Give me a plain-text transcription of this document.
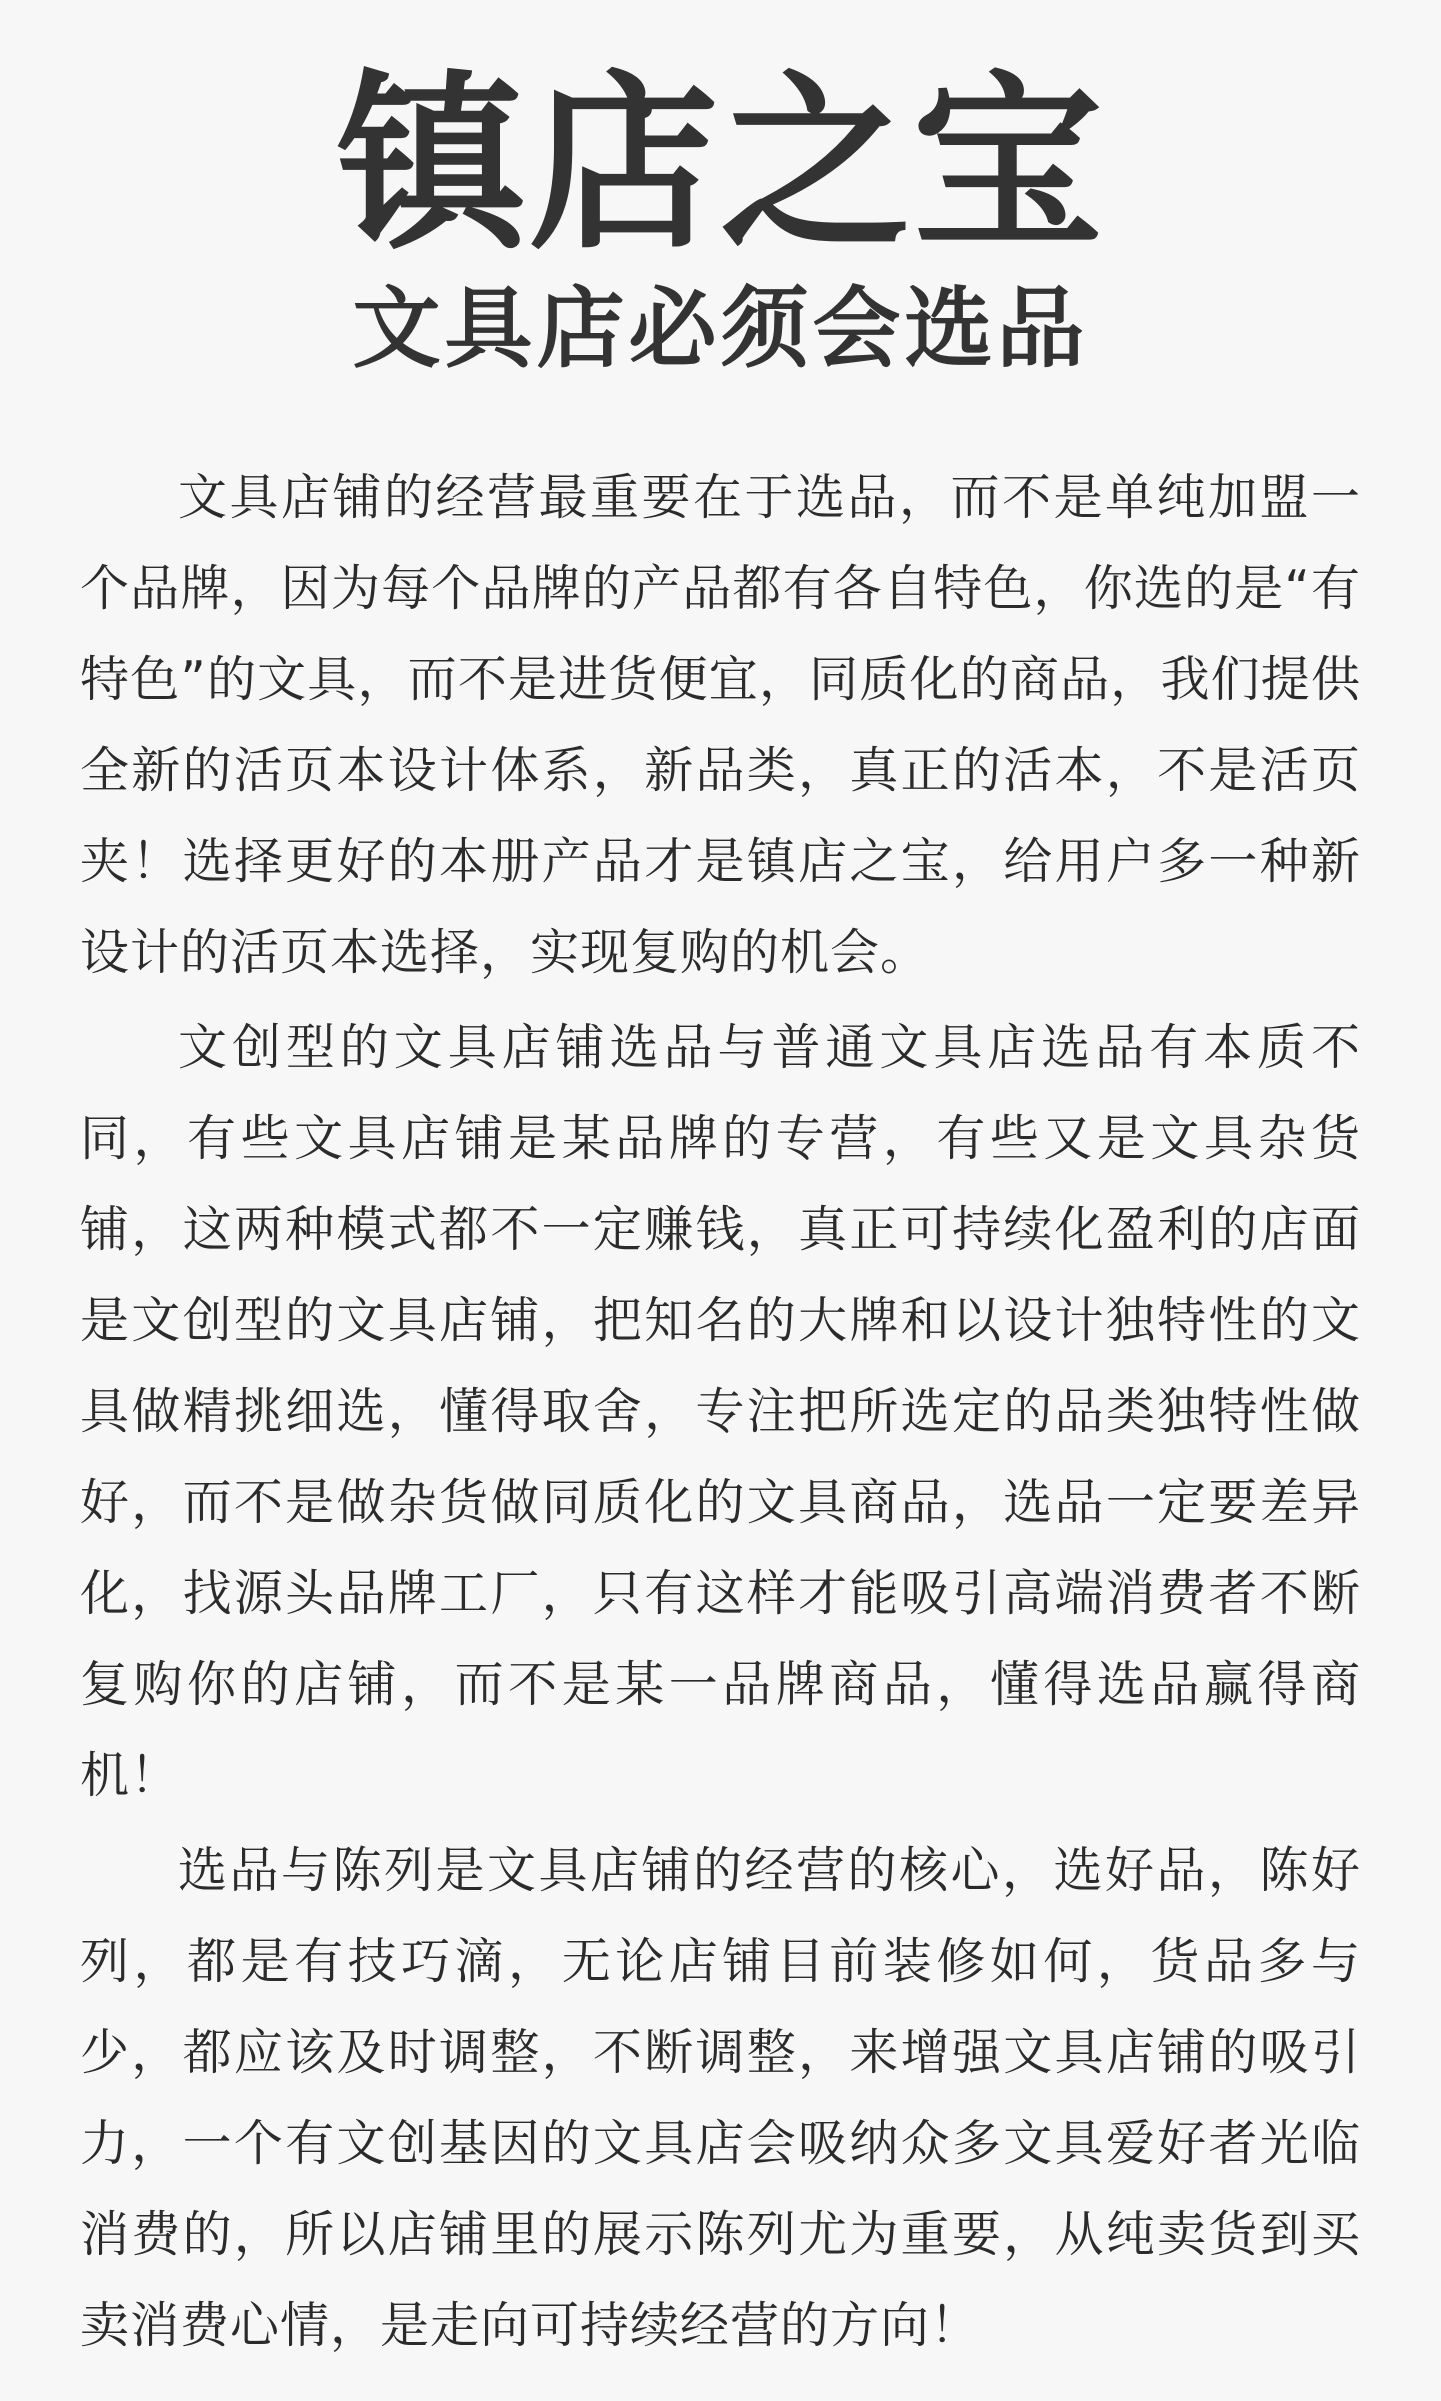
镇店之宝
文具店必须会选品

文具店铺的经营最重要在于选品，而不是单纯加盟一个品牌，因为每个品牌的产品都有各自特色，你选的是“有特色”的文具，而不是进货便宜，同质化的商品，我们提供全新的活页本设计体系，新品类，真正的活本，不是活页夹！选择更好的本册产品才是镇店之宝，给用户多一种新设计的活页本选择，实现复购的机会。

文创型的文具店铺选品与普通文具店选品有本质不同，有些文具店铺是某品牌的专营，有些又是文具杂货铺，这两种模式都不一定赚钱，真正可持续化盈利的店面是文创型的文具店铺，把知名的大牌和以设计独特性的文具做精挑细选，懂得取舍，专注把所选定的品类独特性做好，而不是做杂货做同质化的文具商品，选品一定要差异化，找源头品牌工厂，只有这样才能吸引高端消费者不断复购你的店铺，而不是某一品牌商品，懂得选品赢得商机！

选品与陈列是文具店铺的经营的核心，选好品，陈好列，都是有技巧滴，无论店铺目前装修如何，货品多与少，都应该及时调整，不断调整，来增强文具店铺的吸引力，一个有文创基因的文具店会吸纳众多文具爱好者光临消费的，所以店铺里的展示陈列尤为重要，从纯卖货到买卖消费心情，是走向可持续经营的方向！
